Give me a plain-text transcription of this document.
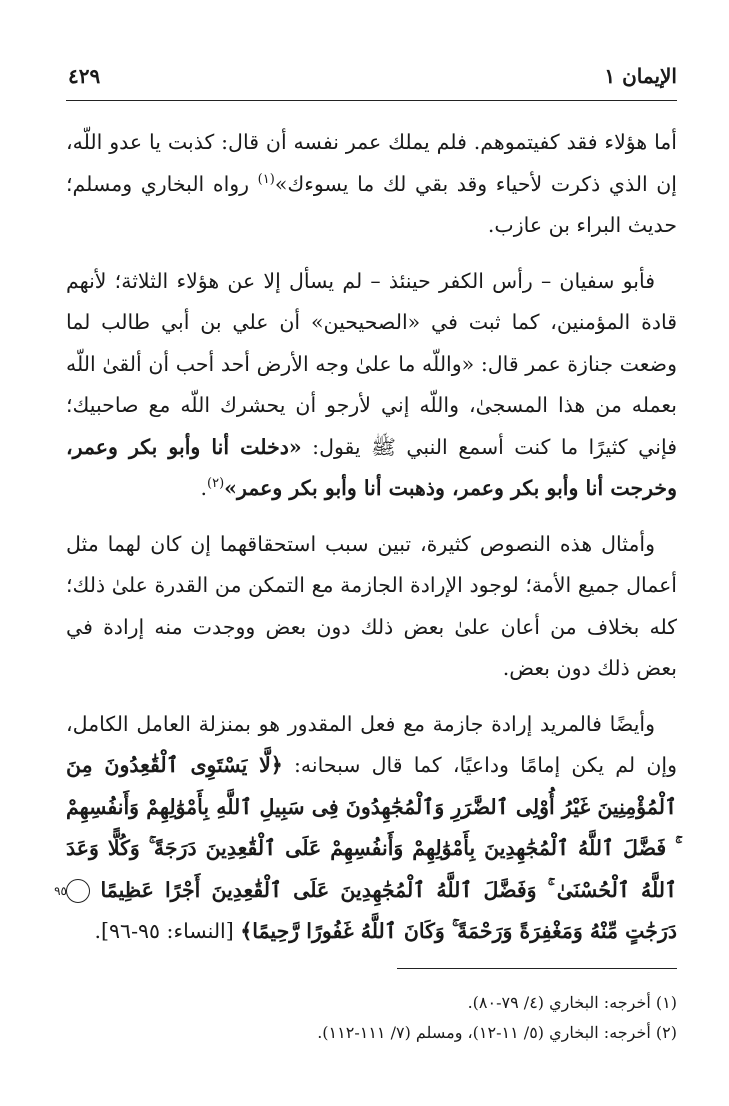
٤٢٩	الإيمان ١

أما هؤلاء فقد كفيتموهم. فلم يملك عمر نفسه أن قال: كذبت يا عدو اللّه، إن الذي ذكرت لأحياء وقد بقي لك ما يسوءك»$^{(١)}$ رواه البخاري ومسلم؛ حديث البراء بن عازب.

فأبو سفيان – رأس الكفر حينئذ – لم يسأل إلا عن هؤلاء الثلاثة؛ لأنهم قادة المؤمنين، كما ثبت في «الصحيحين» أن علي بن أبي طالب لما وضعت جنازة عمر قال: «واللّه ما علىٰ وجه الأرض أحد أحب أن ألقىٰ اللّه بعمله من هذا المسجىٰ، واللّه إني لأرجو أن يحشرك اللّه مع صاحبيك؛ فإني كثيرًا ما كنت أسمع النبي ﷺ يقول: «دخلت أنا وأبو بكر وعمر، وخرجت أنا وأبو بكر وعمر، وذهبت أنا وأبو بكر وعمر»$^{(٢)}$.

وأمثال هذه النصوص كثيرة، تبين سبب استحقاقهما إن كان لهما مثل أعمال جميع الأمة؛ لوجود الإرادة الجازمة مع التمكن من القدرة علىٰ ذلك؛ كله بخلاف من أعان علىٰ بعض ذلك دون بعض ووجدت منه إرادة في بعض ذلك دون بعض.

وأيضًا فالمريد إرادة جازمة مع فعل المقدور هو بمنزلة العامل الكامل، وإن لم يكن إمامًا وداعيًا، كما قال سبحانه: ﴿لَّا يَسْتَوِى ٱلْقَٰعِدُونَ مِنَ ٱلْمُؤْمِنِينَ غَيْرُ أُوْلِى ٱلضَّرَرِ وَٱلْمُجَٰهِدُونَ فِى سَبِيلِ ٱللَّهِ بِأَمْوَٰلِهِمْ وَأَنفُسِهِمْ ۚ فَضَّلَ ٱللَّهُ ٱلْمُجَٰهِدِينَ بِأَمْوَٰلِهِمْ وَأَنفُسِهِمْ عَلَى ٱلْقَٰعِدِينَ دَرَجَةً ۚ وَكُلًّا وَعَدَ ٱللَّهُ ٱلْحُسْنَىٰ ۚ وَفَضَّلَ ٱللَّهُ ٱلْمُجَٰهِدِينَ عَلَى ٱلْقَٰعِدِينَ أَجْرًا عَظِيمًا ٩٥ دَرَجَٰتٍ مِّنْهُ وَمَغْفِرَةً وَرَحْمَةً ۚ وَكَانَ ٱللَّهُ غَفُورًا رَّحِيمًا﴾ [النساء: ٩٥-٩٦].

(١) أخرجه: البخاري (٤/ ٧٩-٨٠).
(٢) أخرجه: البخاري (٥/ ١١-١٢)، ومسلم (٧/ ١١١-١١٢).
